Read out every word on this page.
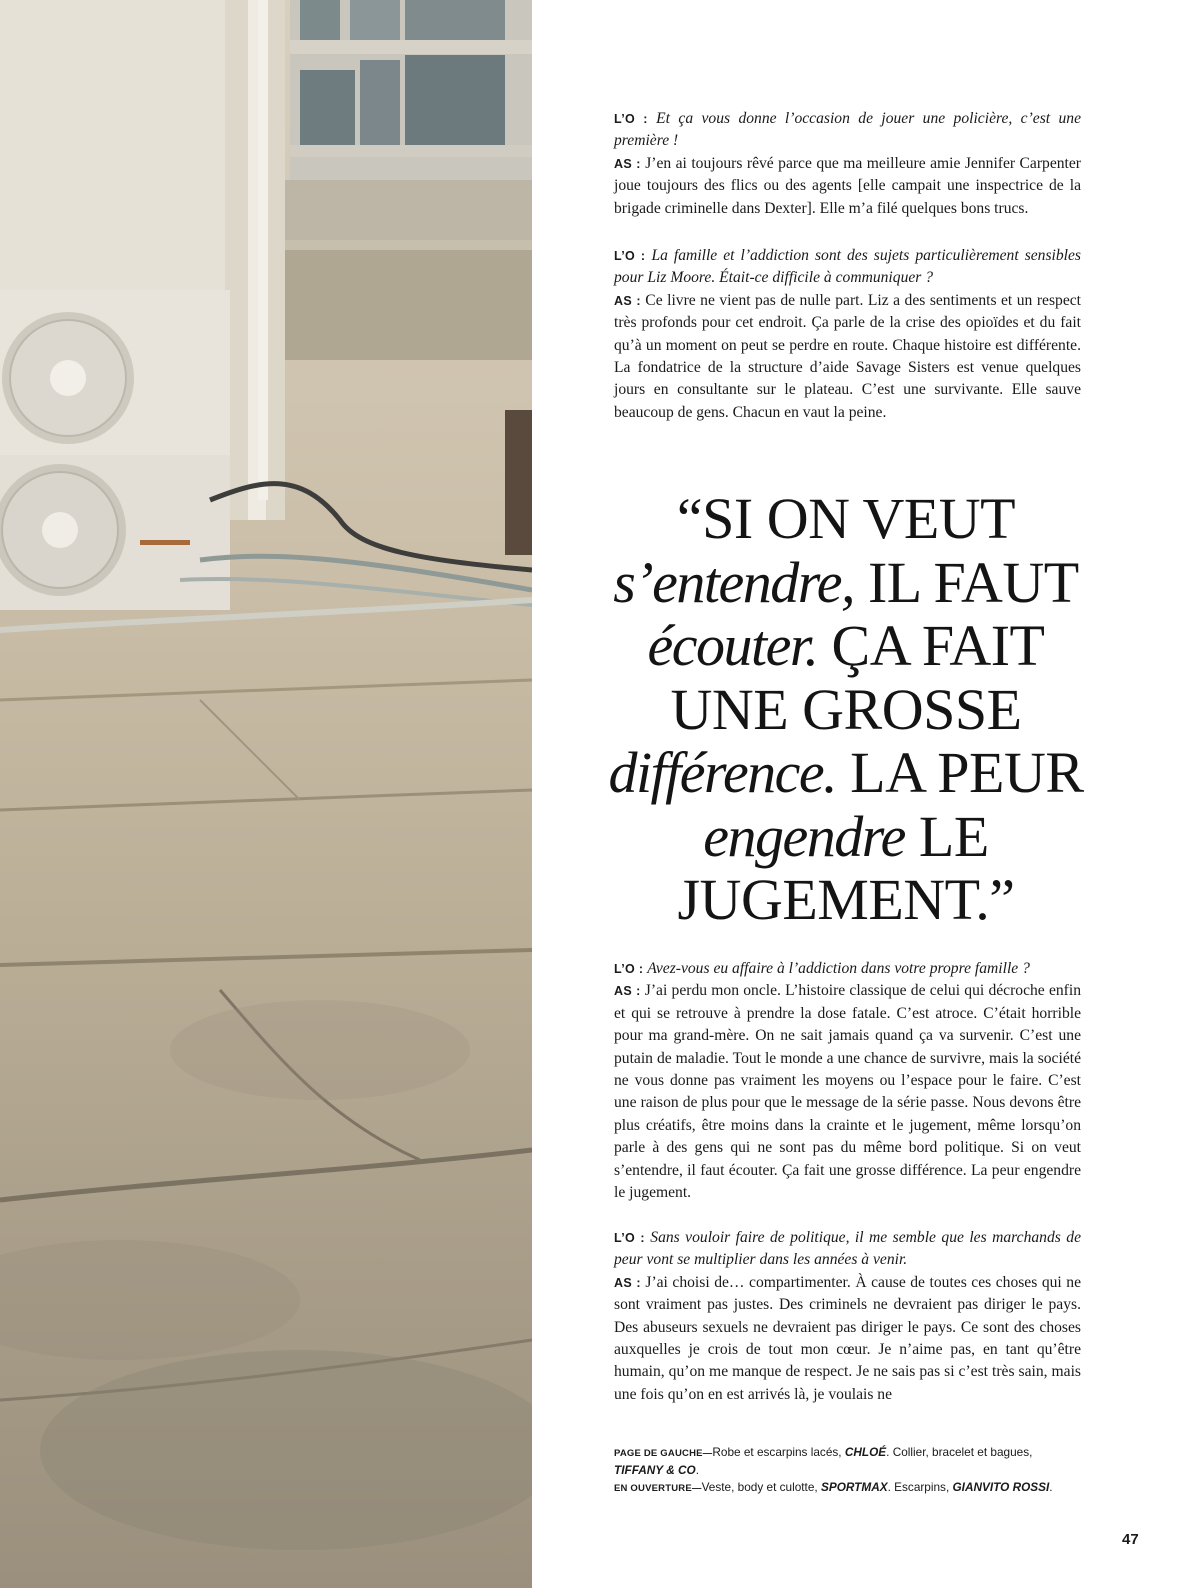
L’O : Et ça vous donne l’occasion de jouer une policière, c’est une première !

AS : J’en ai toujours rêvé parce que ma meilleure amie Jennifer Carpenter joue toujours des flics ou des agents [elle campait une inspectrice de la brigade criminelle dans Dexter]. Elle m’a filé quelques bons trucs.

L’O : La famille et l’addiction sont des sujets particulièrement sensibles pour Liz Moore. Était-ce difficile à communiquer ?

AS : Ce livre ne vient pas de nulle part. Liz a des sentiments et un respect très profonds pour cet endroit. Ça parle de la crise des opioïdes et du fait qu’à un moment on peut se perdre en route. Chaque histoire est différente. La fondatrice de la structure d’aide Savage Sisters est venue quelques jours en consultante sur le plateau. C’est une survivante. Elle sauve beaucoup de gens. Chacun en vaut la peine.

L’O : Avez-vous eu affaire à l’addiction dans votre propre famille ?

AS : J’ai perdu mon oncle. L’histoire classique de celui qui décroche enfin et qui se retrouve à prendre la dose fatale. C’est atroce. C’était horrible pour ma grand-mère. On ne sait jamais quand ça va survenir. C’est une putain de maladie. Tout le monde a une chance de survivre, mais la société ne vous donne pas vraiment les moyens ou l’espace pour le faire. C’est une raison de plus pour que le message de la série passe. Nous devons être plus créatifs, être moins dans la crainte et le jugement, même lorsqu’on parle à des gens qui ne sont pas du même bord politique. Si on veut s’entendre, il faut écouter. Ça fait une grosse différence. La peur engendre le jugement.

L’O : Sans vouloir faire de politique, il me semble que les marchands de peur vont se multiplier dans les années à venir.

AS : J’ai choisi de… compartimenter. À cause de toutes ces choses qui ne sont vraiment pas justes. Des criminels ne devraient pas diriger le pays. Des abuseurs sexuels ne devraient pas diriger le pays. Ce sont des choses auxquelles je crois de tout mon cœur. Je n’aime pas, en tant qu’être humain, qu’on me manque de respect. Je ne sais pas si c’est très sain, mais une fois qu’on en est arrivés là, je voulais ne

“SI ON VEUT
s’entendre, IL FAUT
écouter. ÇA FAIT UNE GROSSE
différence. LA PEUR engendre LE JUGEMENT.”
PAGE DE GAUCHE—Robe et escarpins lacés, CHLOÉ. Collier, bracelet et bagues, TIFFANY & CO.
EN OUVERTURE—Veste, body et culotte, SPORTMAX. Escarpins, GIANVITO ROSSI.
47
